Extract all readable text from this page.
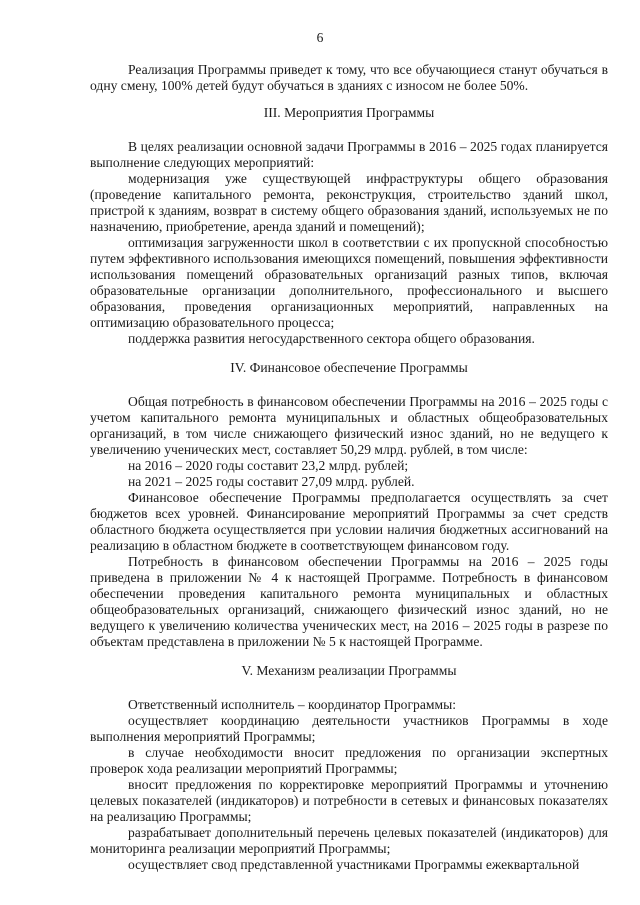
6

Реализация Программы приведет к тому, что все обучающиеся станут обучаться в одну смену, 100% детей будут обучаться в зданиях с износом не более 50%.

III. Мероприятия Программы

В целях реализации основной задачи Программы в 2016 – 2025 годах планируется выполнение следующих мероприятий:

модернизация уже существующей инфраструктуры общего образования (проведение капитального ремонта, реконструкция, строительство зданий школ, пристрой к зданиям, возврат в систему общего образования зданий, используемых не по назначению, приобретение, аренда зданий и помещений);

оптимизация загруженности школ в соответствии с их пропускной способностью путем эффективного использования имеющихся помещений, повышения эффективности использования помещений образовательных организаций разных типов, включая образовательные организации дополнительного, профессионального и высшего образования, проведения организационных мероприятий, направленных на оптимизацию образовательного процесса;

поддержка развития негосударственного сектора общего образования.

IV. Финансовое обеспечение Программы

Общая потребность в финансовом обеспечении Программы на 2016 – 2025 годы с учетом капитального ремонта муниципальных и областных общеобразовательных организаций, в том числе снижающего физический износ зданий, но не ведущего к увеличению ученических мест, составляет 50,29 млрд. рублей, в том числе:

на 2016 – 2020 годы составит 23,2 млрд. рублей;

на 2021 – 2025 годы составит 27,09 млрд. рублей.

Финансовое обеспечение Программы предполагается осуществлять за счет бюджетов всех уровней. Финансирование мероприятий Программы за счет средств областного бюджета осуществляется при условии наличия бюджетных ассигнований на реализацию в областном бюджете в соответствующем финансовом году.

Потребность в финансовом обеспечении Программы на 2016 – 2025 годы приведена в приложении № 4 к настоящей Программе. Потребность в финансовом обеспечении проведения капитального ремонта муниципальных и областных общеобразовательных организаций, снижающего физический износ зданий, но не ведущего к увеличению количества ученических мест, на 2016 – 2025 годы в разрезе по объектам представлена в приложении № 5 к настоящей Программе.

V. Механизм реализации Программы

Ответственный исполнитель – координатор Программы:

осуществляет координацию деятельности участников Программы в ходе выполнения мероприятий Программы;

в случае необходимости вносит предложения по организации экспертных проверок хода реализации мероприятий Программы;

вносит предложения по корректировке мероприятий Программы и уточнению целевых показателей (индикаторов) и потребности в сетевых и финансовых показателях на реализацию Программы;

разрабатывает дополнительный перечень целевых показателей (индикаторов) для мониторинга реализации мероприятий Программы;

осуществляет свод представленной участниками Программы ежеквартальной
